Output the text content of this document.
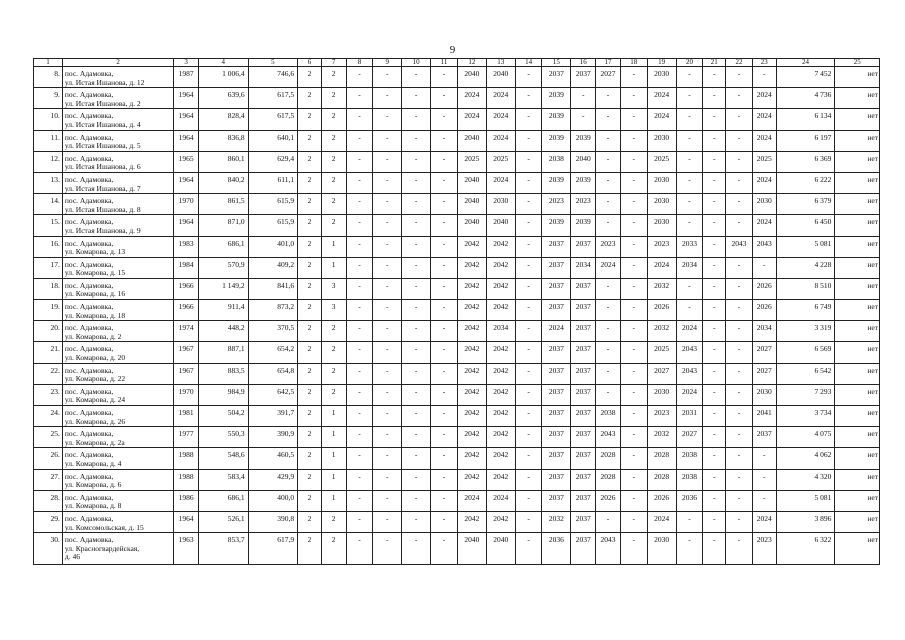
9
1	2	3	4	5	6	7	8	9	10	11	12	13	14	15	16	17	18	19	20	21	22	23	24	25
8.	пос. Адамовка,
ул. Истая Ишанова, д. 12	1987	1 006,4	746,6	2	2	-	-	-	-	2040	2040	-	2037	2037	2027	-	2030	-	-	-	-	7 452	нет
9.	пос. Адамовка,
ул. Истая Ишанова, д. 2	1964	639,6	617,5	2	2	-	-	-	-	2024	2024	-	2039	-	-	-	2024	-	-	-	2024	4 736	нет
10.	пос. Адамовка,
ул. Истая Ишанова, д. 4	1964	828,4	617,5	2	2	-	-	-	-	2024	2024	-	2039	-	-	-	2024	-	-	-	2024	6 134	нет
11.	пос. Адамовка,
ул. Истая Ишанова, д. 5	1964	836,8	640,1	2	2	-	-	-	-	2040	2024	-	2039	2039	-	-	2030	-	-	-	2024	6 197	нет
12.	пос. Адамовка,
ул. Истая Ишанова, д. 6	1965	860,1	629,4	2	2	-	-	-	-	2025	2025	-	2038	2040	-	-	2025	-	-	-	2025	6 369	нет
13.	пос. Адамовка,
ул. Истая Ишанова, д. 7	1964	840,2	611,1	2	2	-	-	-	-	2040	2024	-	2039	2039	-	-	2030	-	-	-	2024	6 222	нет
14.	пос. Адамовка,
ул. Истая Ишанова, д. 8	1970	861,5	615,9	2	2	-	-	-	-	2040	2030	-	2023	2023	-	-	2030	-	-	-	2030	6 379	нет
15.	пос. Адамовка,
ул. Истая Ишанова, д. 9	1964	871,0	615,9	2	2	-	-	-	-	2040	2040	-	2039	2039	-	-	2030	-	-	-	2024	6 450	нет
16.	пос. Адамовка,
ул. Комарова, д. 13	1983	686,1	401,0	2	1	-	-	-	-	2042	2042	-	2037	2037	2023	-	2023	2033	-	2043	2043	5 081	нет
17.	пос. Адамовка,
ул. Комарова, д. 15	1984	570,9	409,2	2	1	-	-	-	-	2042	2042	-	2037	2034	2024	-	2024	2034	-	-	-	4 228	нет
18.	пос. Адамовка,
ул. Комарова, д. 16	1966	1 149,2	841,6	2	3	-	-	-	-	2042	2042	-	2037	2037	-	-	2032	-	-	-	2026	8 510	нет
19.	пос. Адамовка,
ул. Комарова, д. 18	1966	911,4	873,2	2	3	-	-	-	-	2042	2042	-	2037	2037	-	-	2026	-	-	-	2026	6 749	нет
20.	пос. Адамовка,
ул. Комарова, д. 2	1974	448,2	370,5	2	2	-	-	-	-	2042	2034	-	2024	2037	-	-	2032	2024	-	-	2034	3 319	нет
21.	пос. Адамовка,
ул. Комарова, д. 20	1967	887,1	654,2	2	2	-	-	-	-	2042	2042	-	2037	2037	-	-	2025	2043	-	-	2027	6 569	нет
22.	пос. Адамовка,
ул. Комарова, д. 22	1967	883,5	654,8	2	2	-	-	-	-	2042	2042	-	2037	2037	-	-	2027	2043	-	-	2027	6 542	нет
23.	пос. Адамовка,
ул. Комарова, д. 24	1970	984,9	642,5	2	2	-	-	-	-	2042	2042	-	2037	2037	-	-	2030	2024	-	-	2030	7 293	нет
24.	пос. Адамовка,
ул. Комарова, д. 26	1981	504,2	391,7	2	1	-	-	-	-	2042	2042	-	2037	2037	2038	-	2023	2031	-	-	2041	3 734	нет
25.	пос. Адамовка,
ул. Комарова, д. 2а	1977	550,3	390,9	2	1	-	-	-	-	2042	2042	-	2037	2037	2043	-	2032	2027	-	-	2037	4 075	нет
26.	пос. Адамовка,
ул. Комарова, д. 4	1988	548,6	460,5	2	1	-	-	-	-	2042	2042	-	2037	2037	2028	-	2028	2038	-	-	-	4 062	нет
27.	пос. Адамовка,
ул. Комарова, д. 6	1988	583,4	429,9	2	1	-	-	-	-	2042	2042	-	2037	2037	2028	-	2028	2038	-	-	-	4 320	нет
28.	пос. Адамовка,
ул. Комарова, д. 8	1986	686,1	400,0	2	1	-	-	-	-	2024	2024	-	2037	2037	2026	-	2026	2036	-	-	-	5 081	нет
29.	пос. Адамовка,
ул. Комсомольская, д. 15	1964	526,1	390,8	2	2	-	-	-	-	2042	2042	-	2032	2037	-	-	2024	-	-	-	2024	3 896	нет
30.	пос. Адамовка,
ул. Красногвардейская,
д. 46	1963	853,7	617,9	2	2	-	-	-	-	2040	2040	-	2036	2037	2043	-	2030	-	-	-	2023	6 322	нет
